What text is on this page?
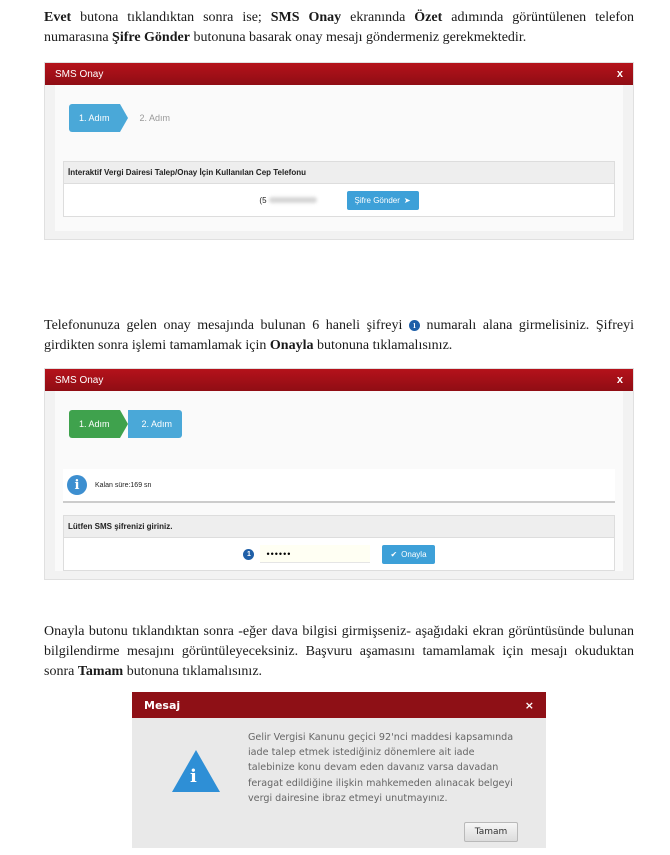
Evet butona tıklandıktan sonra ise; SMS Onay ekranında Özet adımında görüntülenen telefon numarasına Şifre Gönder butonuna basarak onay mesajı göndermeniz gerekmektedir.

SMS Onay	x
1. Adım	2. Adım
İnteraktif Vergi Dairesi Talep/Onay İçin Kullanılan Cep Telefonu
(5	Şifre Gönder ➤

Telefonunuza gelen onay mesajında bulunan 6 haneli şifreyi 1 numaralı alana girmelisiniz. Şifreyi girdikten sonra işlemi tamamlamak için Onayla butonuna tıklamalısınız.

SMS Onay	x
1. Adım	2. Adım
i	Kalan süre:169 sn
Lütfen SMS şifrenizi giriniz.
1
••••••	✔ Onayla

Onayla butonu tıklandıktan sonra -eğer dava bilgisi girmişseniz- aşağıdaki ekran görüntüsünde bulunan bilgilendirme mesajını görüntüleyeceksiniz. Başvuru aşamasını tamamlamak için mesajı okuduktan sonra Tamam butonuna tıklamalısınız.

Mesaj	×
i
Gelir Vergisi Kanunu geçici 92'nci maddesi kapsamında iade talep etmek istediğiniz dönemlere ait iade talebinize konu devam eden davanız varsa davadan feragat edildiğine ilişkin mahkemeden alınacak belgeyi vergi dairesine ibraz etmeyi unutmayınız.
Tamam
